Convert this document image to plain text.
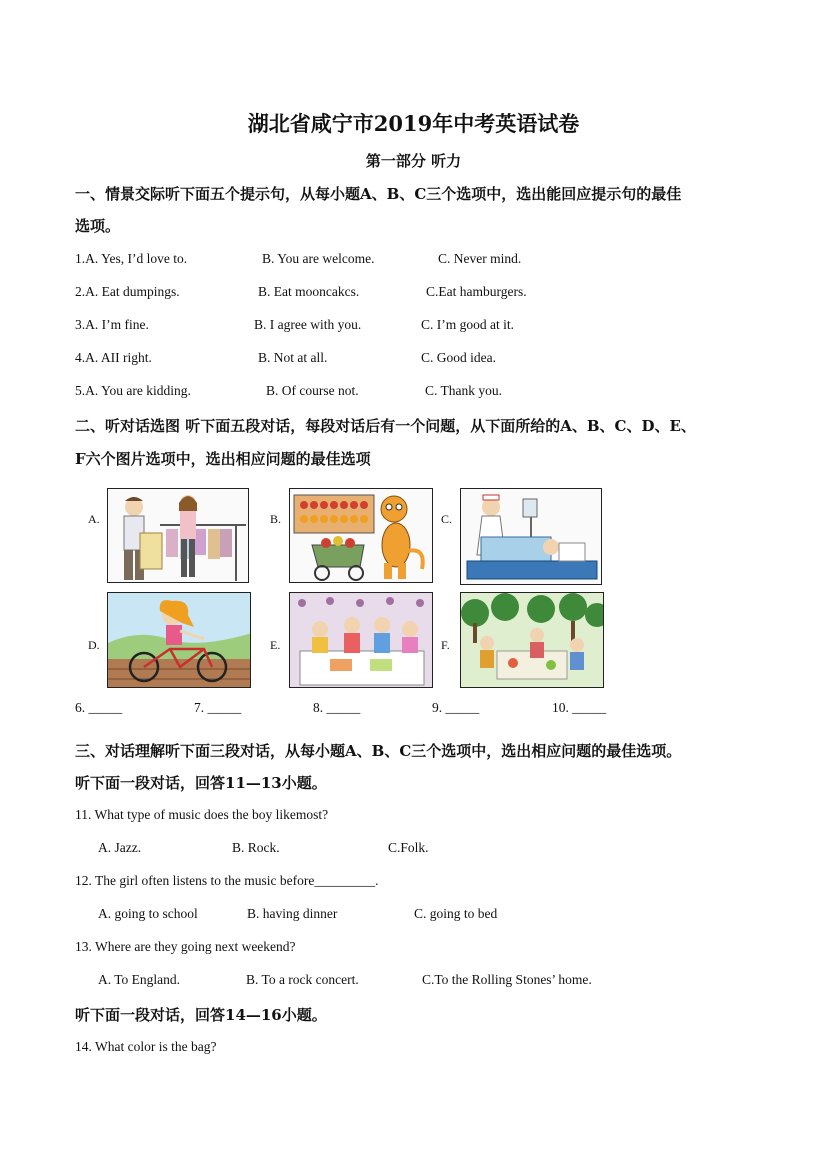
湖北省咸宁市2019年中考英语试卷
第一部分 听力
一、情景交际听下面五个提示句，从每小题A、B、C三个选项中，选出能回应提示句的最佳
选项。
1.A. Yes, I’d love to.	B. You are welcome.	C. Never mind.
2.A. Eat dumpings.	B. Eat mooncakcs.	C.Eat hamburgers.
3.A. I’m fine.	B. I agree with you.	C. I’m good at it.
4.A. AII right.	B. Not at all.	C. Good idea.
5.A. You are kidding.	B. Of course not.	C. Thank you.
二、听对话选图 听下面五段对话，每段对话后有一个问题，从下面所给的A、B、C、D、E、
F六个图片选项中，选出相应问题的最佳选项
A.	B.	C.
D.	E.	F.
6. _____	7. _____	8. _____	9. _____	10. _____
三、对话理解听下面三段对话，从每小题A、B、C三个选项中，选出相应问题的最佳选项。
听下面一段对话，回答11—13小题。
11. What type of music does the boy likemost?
A. Jazz.	B. Rock.	C.Folk.
12. The girl often listens to the music before_________.
A. going to school	B. having dinner	C. going to bed
13. Where are they going next weekend?
A. To England.	B. To a rock concert.	C.To the Rolling Stones’ home.
听下面一段对话，回答14—16小题。
14. What color is the bag?
